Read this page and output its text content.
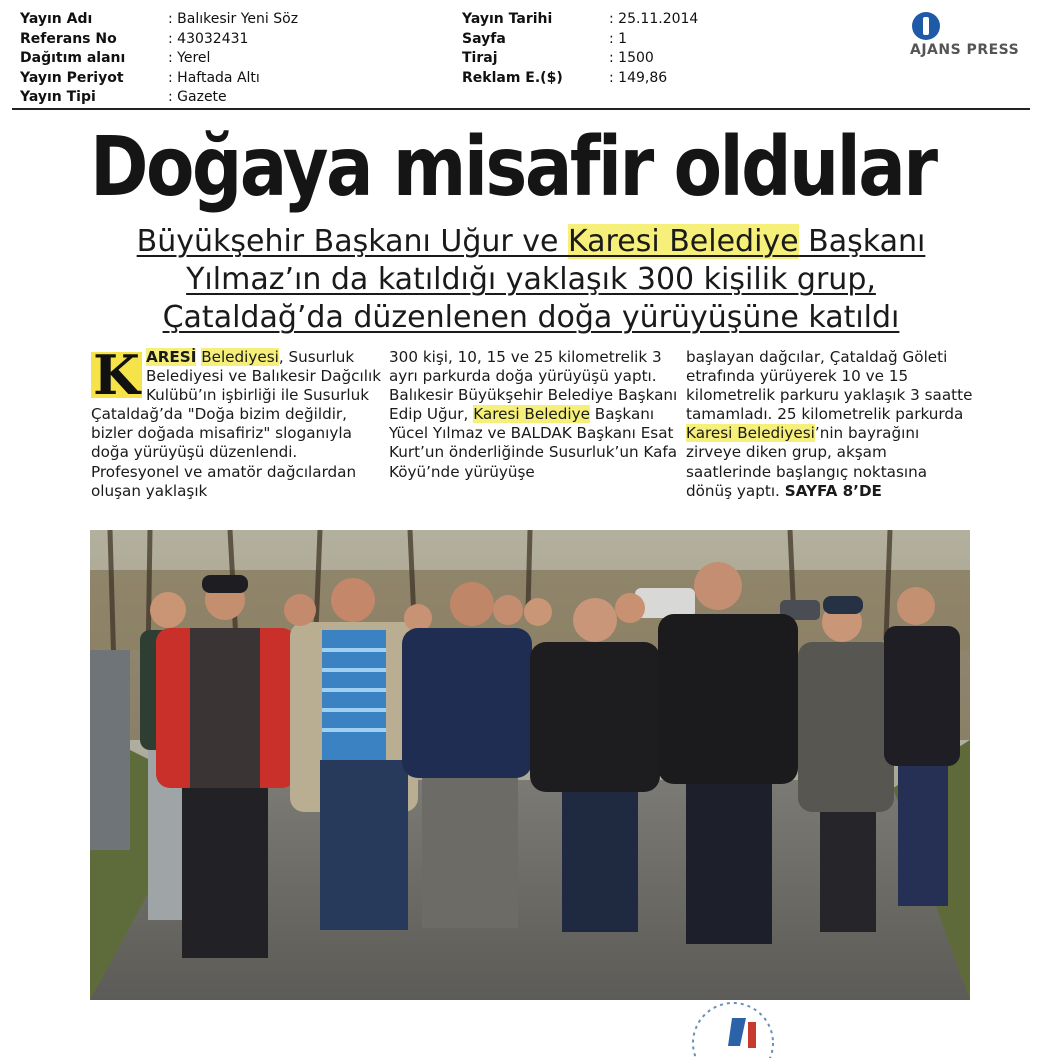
Yayın Adı	: Balıkesir Yeni Söz
Referans No	: 43032431
Dağıtım alanı	: Yerel
Yayın Periyot	: Haftada Altı
Yayın Tipi	: Gazete
Yayın Tarihi	: 25.11.2014
Sayfa	: 1
Tiraj	: 1500
Reklam E.($)	: 149,86
AJANS PRESS
Doğaya misafir oldular
Büyükşehir Başkanı Uğur ve Karesi Belediye Başkanı
Yılmaz’ın da katıldığı yaklaşık 300 kişilik grup,
Çataldağ’da düzenlenen doğa yürüyüşüne katıldı

K ARESİ Belediyesi, Susurluk Belediyesi ve Balıkesir Dağcılık Kulübü’ın işbirliği ile Susurluk Çataldağ’da "Doğa bizim değildir, bizler doğada misafiriz" sloganıyla doğa yürüyüşü düzenlendi. Profesyonel ve amatör dağcılardan oluşan yaklaşık

300 kişi, 10, 15 ve 25 kilometrelik 3 ayrı parkurda doğa yürüyüşü yaptı. Balıkesir Büyükşehir Belediye Başkanı Edip Uğur, Karesi Belediye Başkanı Yücel Yılmaz ve BALDAK Başkanı Esat Kurt’un önderliğinde Susurluk’un Kafa Köyü’nde yürüyüşe

başlayan dağcılar, Çataldağ Göleti etrafında yürüyerek 10 ve 15 kilometrelik parkuru yaklaşık 3 saatte tamamladı. 25 kilometrelik parkurda Karesi Belediyesi’nin bayrağını zirveye diken grup, akşam saatlerinde başlangıç noktasına dönüş yaptı. SAYFA 8’DE
